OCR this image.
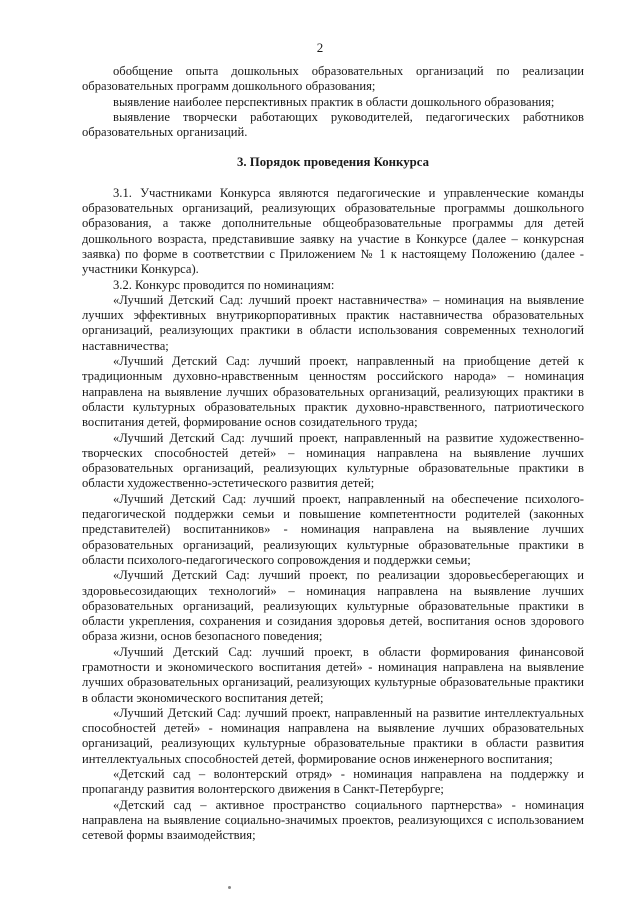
2

обобщение опыта дошкольных образовательных организаций по реализации образовательных программ дошкольного образования;

выявление наиболее перспективных практик в области дошкольного образования;

выявление творчески работающих руководителей, педагогических работников образовательных организаций.

3. Порядок проведения Конкурса

3.1. Участниками Конкурса являются педагогические и управленческие команды образовательных организаций, реализующих образовательные программы дошкольного образования, а также дополнительные общеобразовательные программы для детей дошкольного возраста, представившие заявку на участие в Конкурсе (далее – конкурсная заявка) по форме в соответствии с Приложением № 1 к настоящему Положению (далее - участники Конкурса).

3.2. Конкурс проводится по номинациям:

«Лучший Детский Сад: лучший проект наставничества» – номинация на выявление лучших эффективных внутрикорпоративных практик наставничества образовательных организаций, реализующих практики в области использования современных технологий наставничества;

«Лучший Детский Сад: лучший проект, направленный на приобщение детей к традиционным духовно-нравственным ценностям российского народа» – номинация направлена на выявление лучших образовательных организаций, реализующих практики в области культурных образовательных практик духовно-нравственного, патриотического воспитания детей, формирование основ созидательного труда;

«Лучший Детский Сад: лучший проект, направленный на развитие художественно-творческих способностей детей» – номинация направлена на выявление лучших образовательных организаций, реализующих культурные образовательные практики в области художественно-эстетического развития детей;

«Лучший Детский Сад: лучший проект, направленный на обеспечение психолого-педагогической поддержки семьи и повышение компетентности родителей (законных представителей) воспитанников» - номинация направлена на выявление лучших образовательных организаций, реализующих культурные образовательные практики в области психолого-педагогического сопровождения и поддержки семьи;

«Лучший Детский Сад: лучший проект, по реализации здоровьесберегающих и здоровьесозидающих технологий» – номинация направлена на выявление лучших образовательных организаций, реализующих культурные образовательные практики в области укрепления, сохранения и созидания здоровья детей, воспитания основ здорового образа жизни, основ безопасного поведения;

«Лучший Детский Сад: лучший проект, в области формирования финансовой грамотности и экономического воспитания детей» - номинация направлена на выявление лучших образовательных организаций, реализующих культурные образовательные практики в области экономического воспитания детей;

«Лучший Детский Сад: лучший проект, направленный на развитие интеллектуальных способностей детей» - номинация направлена на выявление лучших образовательных организаций, реализующих культурные образовательные практики в области развития интеллектуальных способностей детей, формирование основ инженерного воспитания;

«Детский сад – волонтерский отряд» - номинация направлена на поддержку и пропаганду развития волонтерского движения в Санкт-Петербурге;

«Детский сад – активное пространство социального партнерства» - номинация направлена на выявление социально-значимых проектов, реализующихся с использованием сетевой формы взаимодействия;
